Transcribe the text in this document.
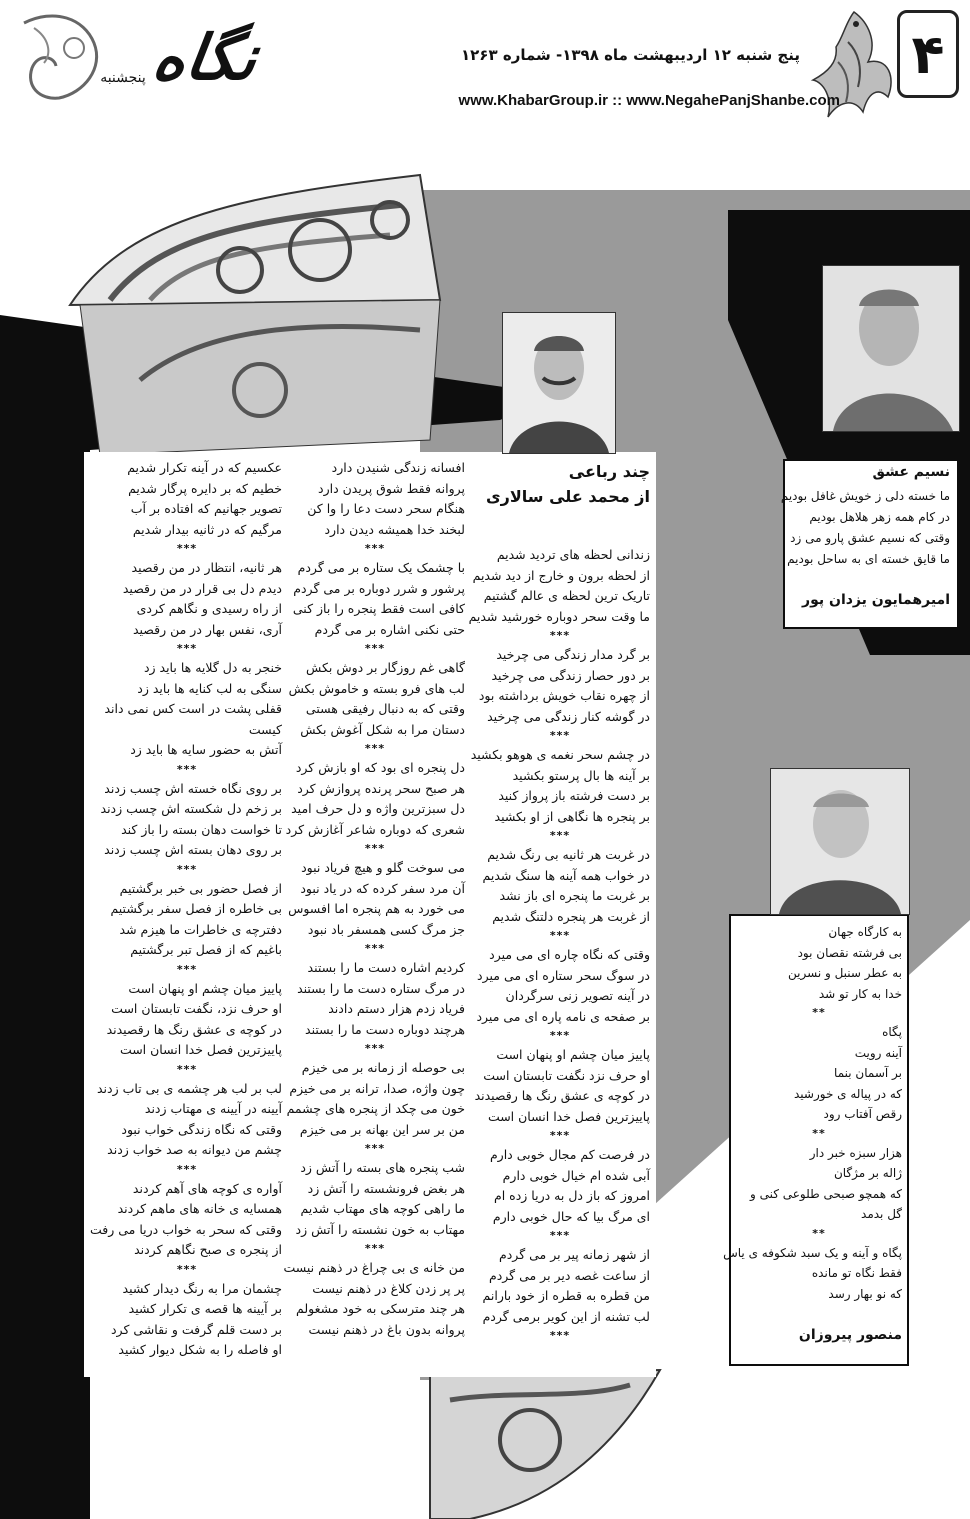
۴
نگاه
پنجشنبه
پنج شنبه ۱۲ اردیبهشت ماه ۱۳۹۸- شماره ۱۲۶۳
www.KhabarGroup.ir :: www.NegahePanjShanbe.com
نسیم عشق
ما خسته دلی ز خویش غافل بودیم
در کام همه زهر هلاهل بودیم
وقتی که نسیم عشق پارو می زد
ما قایق خسته ای به ساحل بودیم
امیرهمایون یزدان پور
به کارگاه جهان
بی فرشته نقصان بود
به عطر سنبل و نسرین
خدا به کار تو شد
**
پگاه
آینه رویت
بر آسمان بنما
که در پیاله ی خورشید
رقص آفتاب رود
**
هزار سبزه خبر دار
ژاله بر مژگان
که همچو صبحی طلوعی کنی و
گل بدمد
**
پگاه و آینه و یک سبد شکوفه ی یاس
فقط نگاه تو مانده
که نو بهار رسد
منصور پیروزان
چند رباعی
از محمد علی سالاری
زندانی لحظه های تردید شدیم
از لحظه برون و خارج از دید شدیم
تاریک ترین لحظه ی عالم گشتیم
ما وقت سحر دوباره خورشید شدیم
***
بر گرد مدار زندگی می چرخید
بر دور حصار زندگی می چرخید
از چهره نقاب خویش برداشته بود
در گوشه کنار زندگی می چرخید
***
در چشم سحر نغمه ی هوهو بکشید
بر آینه ها بال پرستو بکشید
بر دست فرشته باز پرواز کنید
بر پنجره ها نگاهی از او بکشید
***
در غربت هر ثانیه بی رنگ شدیم
در خواب همه آینه ها سنگ شدیم
بر غربت ما پنجره ای باز نشد
از غربت هر پنجره دلتنگ شدیم
***
وقتی که نگاه چاره ای می میرد
در سوگ سحر ستاره ای می میرد
در آینه تصویر زنی سرگردان
بر صفحه ی نامه پاره ای می میرد
***
پاییز میان چشم او پنهان است
او حرف نزد نگفت تابستان است
در کوچه ی عشق رنگ ها رقصیدند
پاییزترین فصل خدا انسان است
***
در فرصت کم مجال خوبی دارم
آبی شده ام خیال خوبی دارم
امروز که باز دل به دریا زده ام
ای مرگ بیا که حال خوبی دارم
***
از شهر زمانه پیر بر می گردم
از ساعت غصه دیر بر می گردم
من قطره به قطره از خود بارانم
لب تشنه از این کویر برمی گردم
***
افسانه زندگی شنیدن دارد
پروانه فقط شوق پریدن دارد
هنگام سحر دست دعا را وا کن
لبخند خدا همیشه دیدن دارد
***
با چشمک یک ستاره بر می گردم
پرشور و شرر دوباره بر می گردم
کافی است فقط پنجره را باز کنی
حتی نکنی اشاره بر می گردم
***
گاهی غم روزگار بر دوش بکش
لب های فرو بسته و خاموش بکش
وقتی که به دنبال رفیقی هستی
دستان مرا به شکل آغوش بکش
***
دل پنجره ای بود که او بازش کرد
هر صبح سحر پرنده پروازش کرد
دل سبزترین واژه و دل حرف امید
شعری که دوباره شاعر آغازش کرد
***
می سوخت گلو و هیچ فریاد نبود
آن مرد سفر کرده که در یاد نبود
می خورد به هم پنجره اما افسوس
جز مرگ کسی همسفر باد نبود
***
کردیم اشاره دست ما را بستند
در مرگ ستاره دست ما را بستند
فریاد زدم هزار دستم دادند
هرچند دوباره دست ما را بستند
***
بی حوصله از زمانه بر می خیزم
چون واژه، صدا، ترانه بر می خیزم
خون می چکد از پنجره های چشمم
من بر سر این بهانه بر می خیزم
***
شب پنجره های بسته را آتش زد
هر بغض فرونشسته را آتش زد
ما راهی کوچه های مهتاب شدیم
مهتاب به خون نشسته را آتش زد
***
من خانه ی بی چراغ در ذهنم نیست
پر پر زدن کلاغ در ذهنم نیست
هر چند مترسکی به خود مشغولم
پروانه بدون باغ در ذهنم نیست
عکسیم که در آینه تکرار شدیم
خطیم که بر دایره پرگار شدیم
تصویر جهانیم که افتاده بر آب
مرگیم که در ثانیه بیدار شدیم
***
هر ثانیه، انتظار در من رقصید
دیدم دل بی قرار در من رقصید
از راه رسیدی و نگاهم کردی
آری، نفس بهار در من رقصید
***
خنجر به دل گلایه ها باید زد
سنگی به لب کنایه ها باید زد
قفلی پشت در است کس نمی داند
کیست
آتش به حضور سایه ها باید زد
***
بر روی نگاه خسته اش چسب زدند
بر زخم دل شکسته اش چسب زدند
تا خواست دهان بسته را باز کند
بر روی دهان بسته اش چسب زدند
***
از فصل حضور بی خبر برگشتیم
بی خاطره از فصل سفر برگشتیم
دفترچه ی خاطرات ما هیزم شد
باغیم که از فصل تبر برگشتیم
***
پاییز میان چشم او پنهان است
او حرف نزد، نگفت تابستان است
در کوچه ی عشق رنگ ها رقصیدند
پاییزترین فصل خدا انسان است
***
لب بر لب هر چشمه ی بی تاب زدند
آیینه در آیینه ی مهتاب زدند
وقتی که نگاه زندگی خواب نبود
چشم من دیوانه به صد خواب زدند
***
آواره ی کوچه های آهم کردند
همسایه ی خانه های ماهم کردند
وقتی که سحر به خواب دریا می رفت
از پنجره ی صبح نگاهم کردند
***
چشمان مرا به رنگ دیدار کشید
بر آیینه ها قصه ی تکرار کشید
بر دست قلم گرفت و نقاشی کرد
او فاصله را به شکل دیوار کشید
